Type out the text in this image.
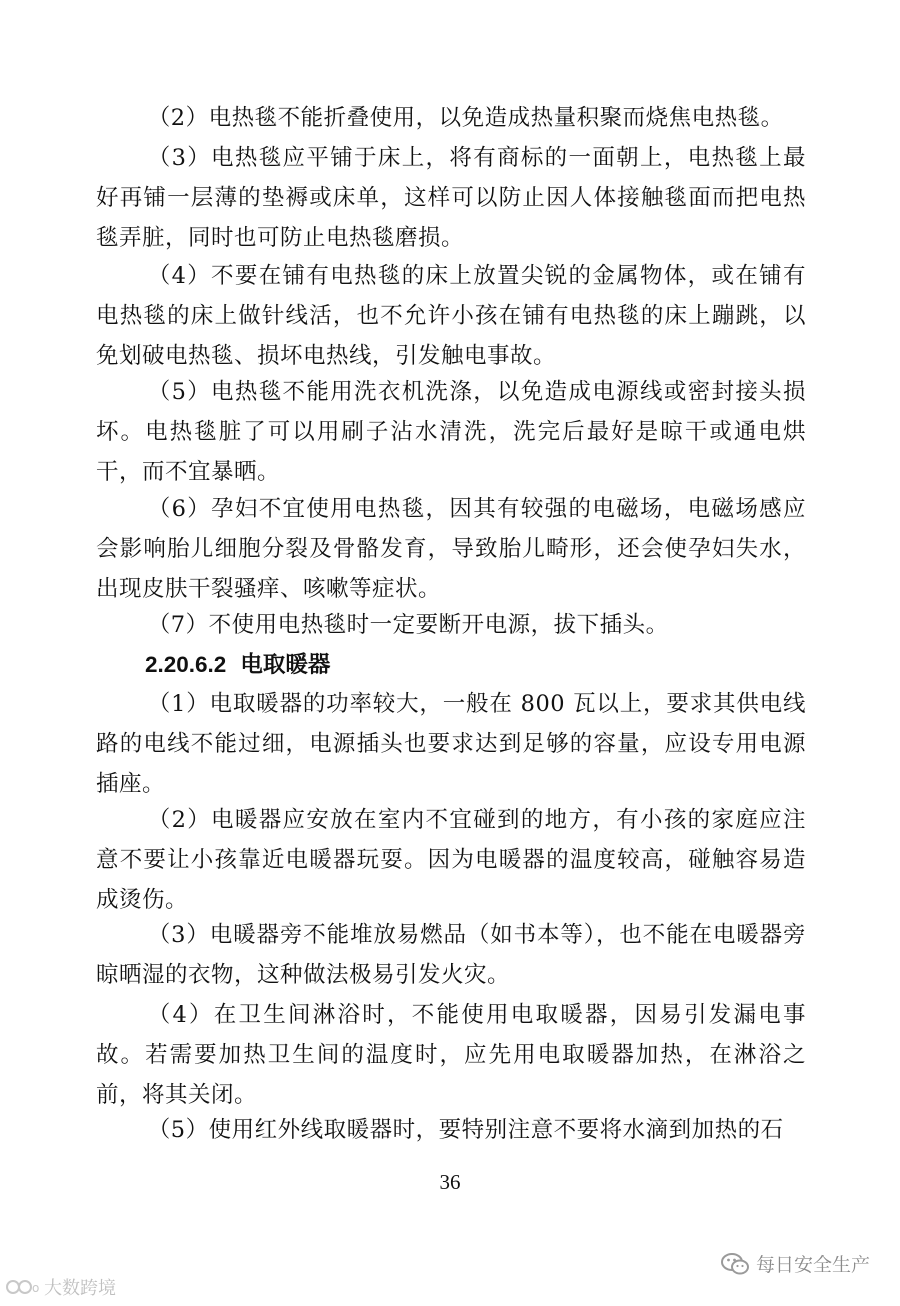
（2）电热毯不能折叠使用，以免造成热量积聚而烧焦电热毯。

（3）电热毯应平铺于床上，将有商标的一面朝上，电热毯上最好再铺一层薄的垫褥或床单，这样可以防止因人体接触毯面而把电热毯弄脏，同时也可防止电热毯磨损。

（4）不要在铺有电热毯的床上放置尖锐的金属物体，或在铺有电热毯的床上做针线活，也不允许小孩在铺有电热毯的床上蹦跳，以免划破电热毯、损坏电热线，引发触电事故。

（5）电热毯不能用洗衣机洗涤，以免造成电源线或密封接头损坏。电热毯脏了可以用刷子沾水清洗，洗完后最好是晾干或通电烘干，而不宜暴晒。

（6）孕妇不宜使用电热毯，因其有较强的电磁场，电磁场感应会影响胎儿细胞分裂及骨骼发育，导致胎儿畸形，还会使孕妇失水，出现皮肤干裂骚痒、咳嗽等症状。

（7）不使用电热毯时一定要断开电源，拔下插头。

2.20.6.2 电取暖器

（1）电取暖器的功率较大，一般在 800 瓦以上，要求其供电线路的电线不能过细，电源插头也要求达到足够的容量，应设专用电源插座。

（2）电暖器应安放在室内不宜碰到的地方，有小孩的家庭应注意不要让小孩靠近电暖器玩耍。因为电暖器的温度较高，碰触容易造成烫伤。

（3）电暖器旁不能堆放易燃品（如书本等），也不能在电暖器旁晾晒湿的衣物，这种做法极易引发火灾。

（4）在卫生间淋浴时，不能使用电取暖器，因易引发漏电事故。若需要加热卫生间的温度时，应先用电取暖器加热，在淋浴之前，将其关闭。

（5）使用红外线取暖器时，要特别注意不要将水滴到加热的石

36
o 大数跨境
每日安全生产
